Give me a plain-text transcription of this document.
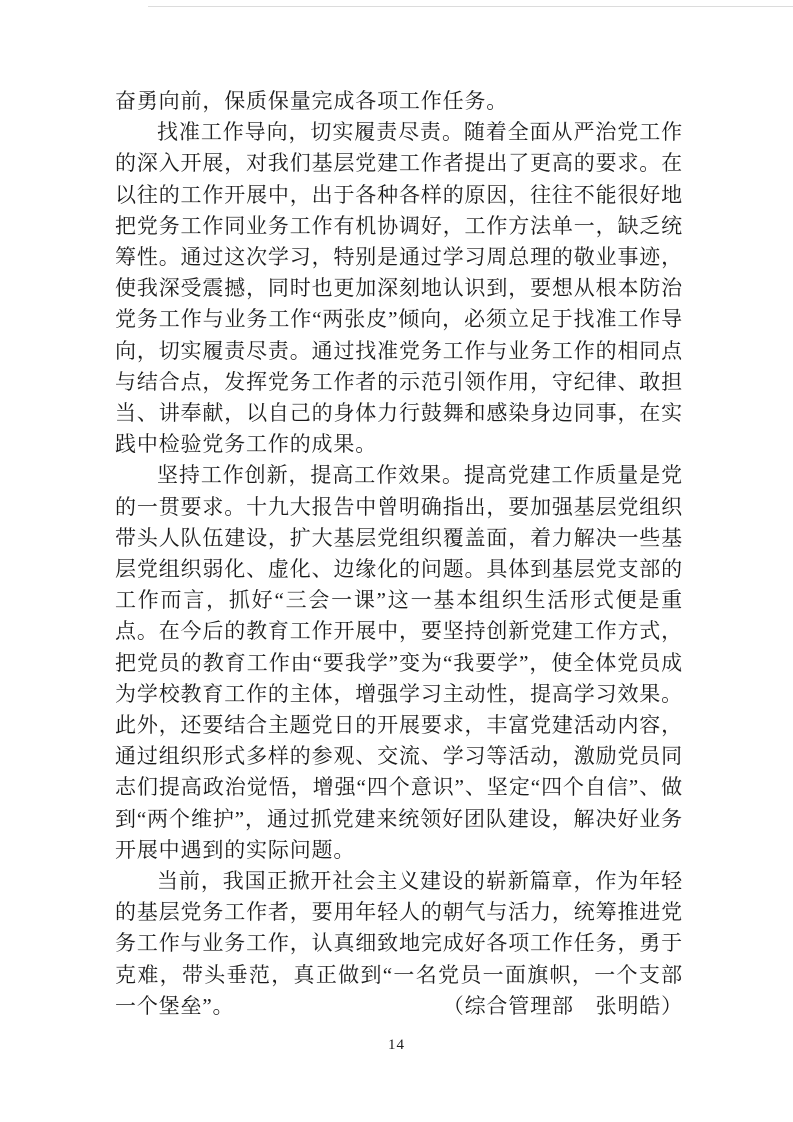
奋勇向前，保质保量完成各项工作任务。

找准工作导向，切实履责尽责。随着全面从严治党工作的深入开展，对我们基层党建工作者提出了更高的要求。在以往的工作开展中，出于各种各样的原因，往往不能很好地把党务工作同业务工作有机协调好，工作方法单一，缺乏统筹性。通过这次学习，特别是通过学习周总理的敬业事迹，使我深受震撼，同时也更加深刻地认识到，要想从根本防治党务工作与业务工作“两张皮”倾向，必须立足于找准工作导向，切实履责尽责。通过找准党务工作与业务工作的相同点与结合点，发挥党务工作者的示范引领作用，守纪律、敢担当、讲奉献，以自己的身体力行鼓舞和感染身边同事，在实践中检验党务工作的成果。

坚持工作创新，提高工作效果。提高党建工作质量是党的一贯要求。十九大报告中曾明确指出，要加强基层党组织带头人队伍建设，扩大基层党组织覆盖面，着力解决一些基层党组织弱化、虚化、边缘化的问题。具体到基层党支部的工作而言，抓好“三会一课”这一基本组织生活形式便是重点。在今后的教育工作开展中，要坚持创新党建工作方式，把党员的教育工作由“要我学”变为“我要学”，使全体党员成为学校教育工作的主体，增强学习主动性，提高学习效果。此外，还要结合主题党日的开展要求，丰富党建活动内容，通过组织形式多样的参观、交流、学习等活动，激励党员同志们提高政治觉悟，增强“四个意识”、坚定“四个自信”、做到“两个维护”，通过抓党建来统领好团队建设，解决好业务开展中遇到的实际问题。

当前，我国正掀开社会主义建设的崭新篇章，作为年轻的基层党务工作者，要用年轻人的朝气与活力，统筹推进党务工作与业务工作，认真细致地完成好各项工作任务，勇于克难，带头垂范，真正做到“一名党员一面旗帜，一个支部一个堡垒”。	（综合管理部　张明皓）

14
